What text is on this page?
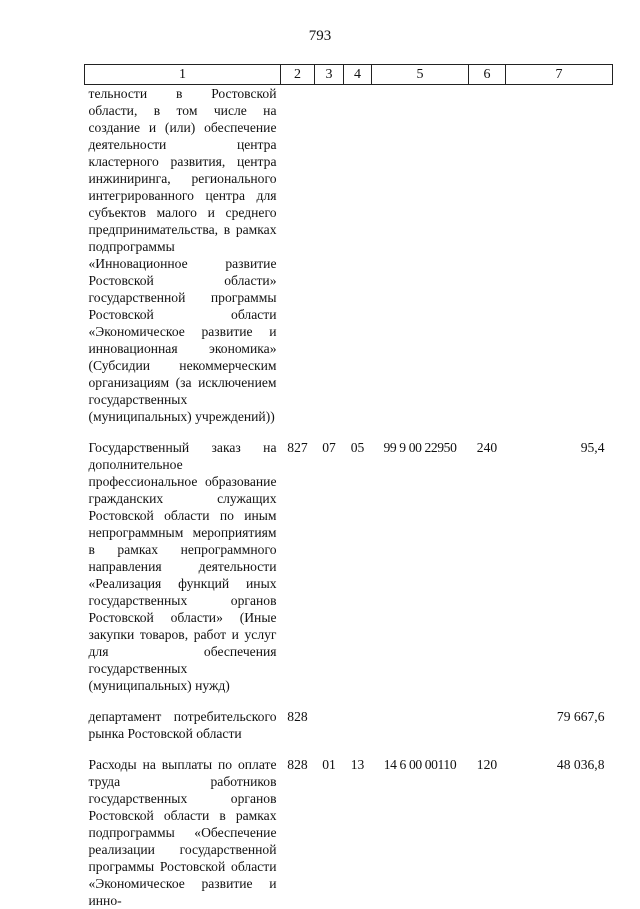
793
1	2	3	4	5	6	7
тельности в Ростовской области, в том числе на создание и (или) обеспечение деятельности центра кластерного развития, центра инжиниринга, регионального интегрированного центра для субъектов малого и среднего предпринимательства, в рамках подпрограммы «Инновационное развитие Ростовской области» государственной программы Ростовской области «Экономическое развитие и инновационная экономика» (Субсидии некоммерческим организациям (за исключением государственных (муниципальных) учреждений))						

Государственный заказ на дополнительное профессиональное образование гражданских служащих Ростовской области по иным непрограммным мероприятиям в рамках непрограммного направления деятельности «Реализация функций иных государственных органов Ростовской области» (Иные закупки товаров, работ и услуг для обеспечения государственных (муниципальных) нужд)	827	07	05	99 9 00 22950	240	95,4

департамент потребительского рынка Ростовской области	828					79 667,6

Расходы на выплаты по оплате труда работников государственных органов Ростовской области в рамках подпрограммы «Обеспечение реализации государственной программы Ростовской области «Экономическое развитие и инно-	828	01	13	14 6 00 00110	120	48 036,8
